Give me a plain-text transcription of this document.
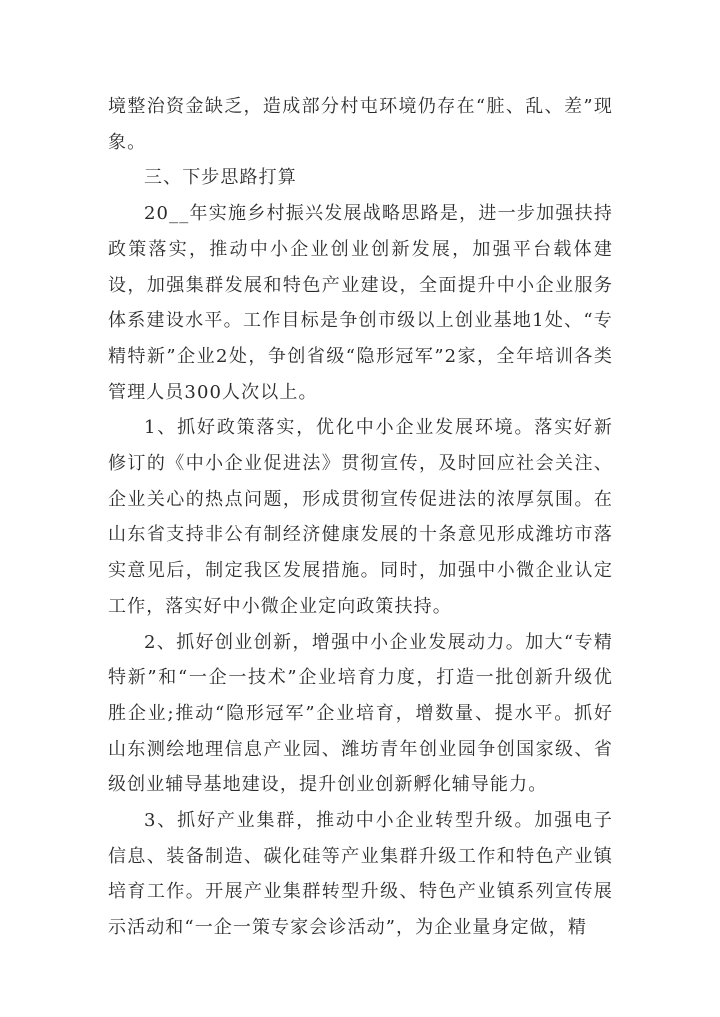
境整治资金缺乏，造成部分村屯环境仍存在“脏、乱、差”现象。

三、下步思路打算

20__年实施乡村振兴发展战略思路是，进一步加强扶持政策落实，推动中小企业创业创新发展，加强平台载体建设，加强集群发展和特色产业建设，全面提升中小企业服务体系建设水平。工作目标是争创市级以上创业基地1处、“专精特新”企业2处，争创省级“隐形冠军”2家，全年培训各类管理人员300人次以上。

1、抓好政策落实，优化中小企业发展环境。落实好新修订的《中小企业促进法》贯彻宣传，及时回应社会关注、企业关心的热点问题，形成贯彻宣传促进法的浓厚氛围。在山东省支持非公有制经济健康发展的十条意见形成潍坊市落实意见后，制定我区发展措施。同时，加强中小微企业认定工作，落实好中小微企业定向政策扶持。

2、抓好创业创新，增强中小企业发展动力。加大“专精特新”和“一企一技术”企业培育力度，打造一批创新升级优胜企业;推动“隐形冠军”企业培育，增数量、提水平。抓好山东测绘地理信息产业园、潍坊青年创业园争创国家级、省级创业辅导基地建设，提升创业创新孵化辅导能力。

3、抓好产业集群，推动中小企业转型升级。加强电子信息、装备制造、碳化硅等产业集群升级工作和特色产业镇培育工作。开展产业集群转型升级、特色产业镇系列宣传展示活动和“一企一策专家会诊活动”，为企业量身定做，精
